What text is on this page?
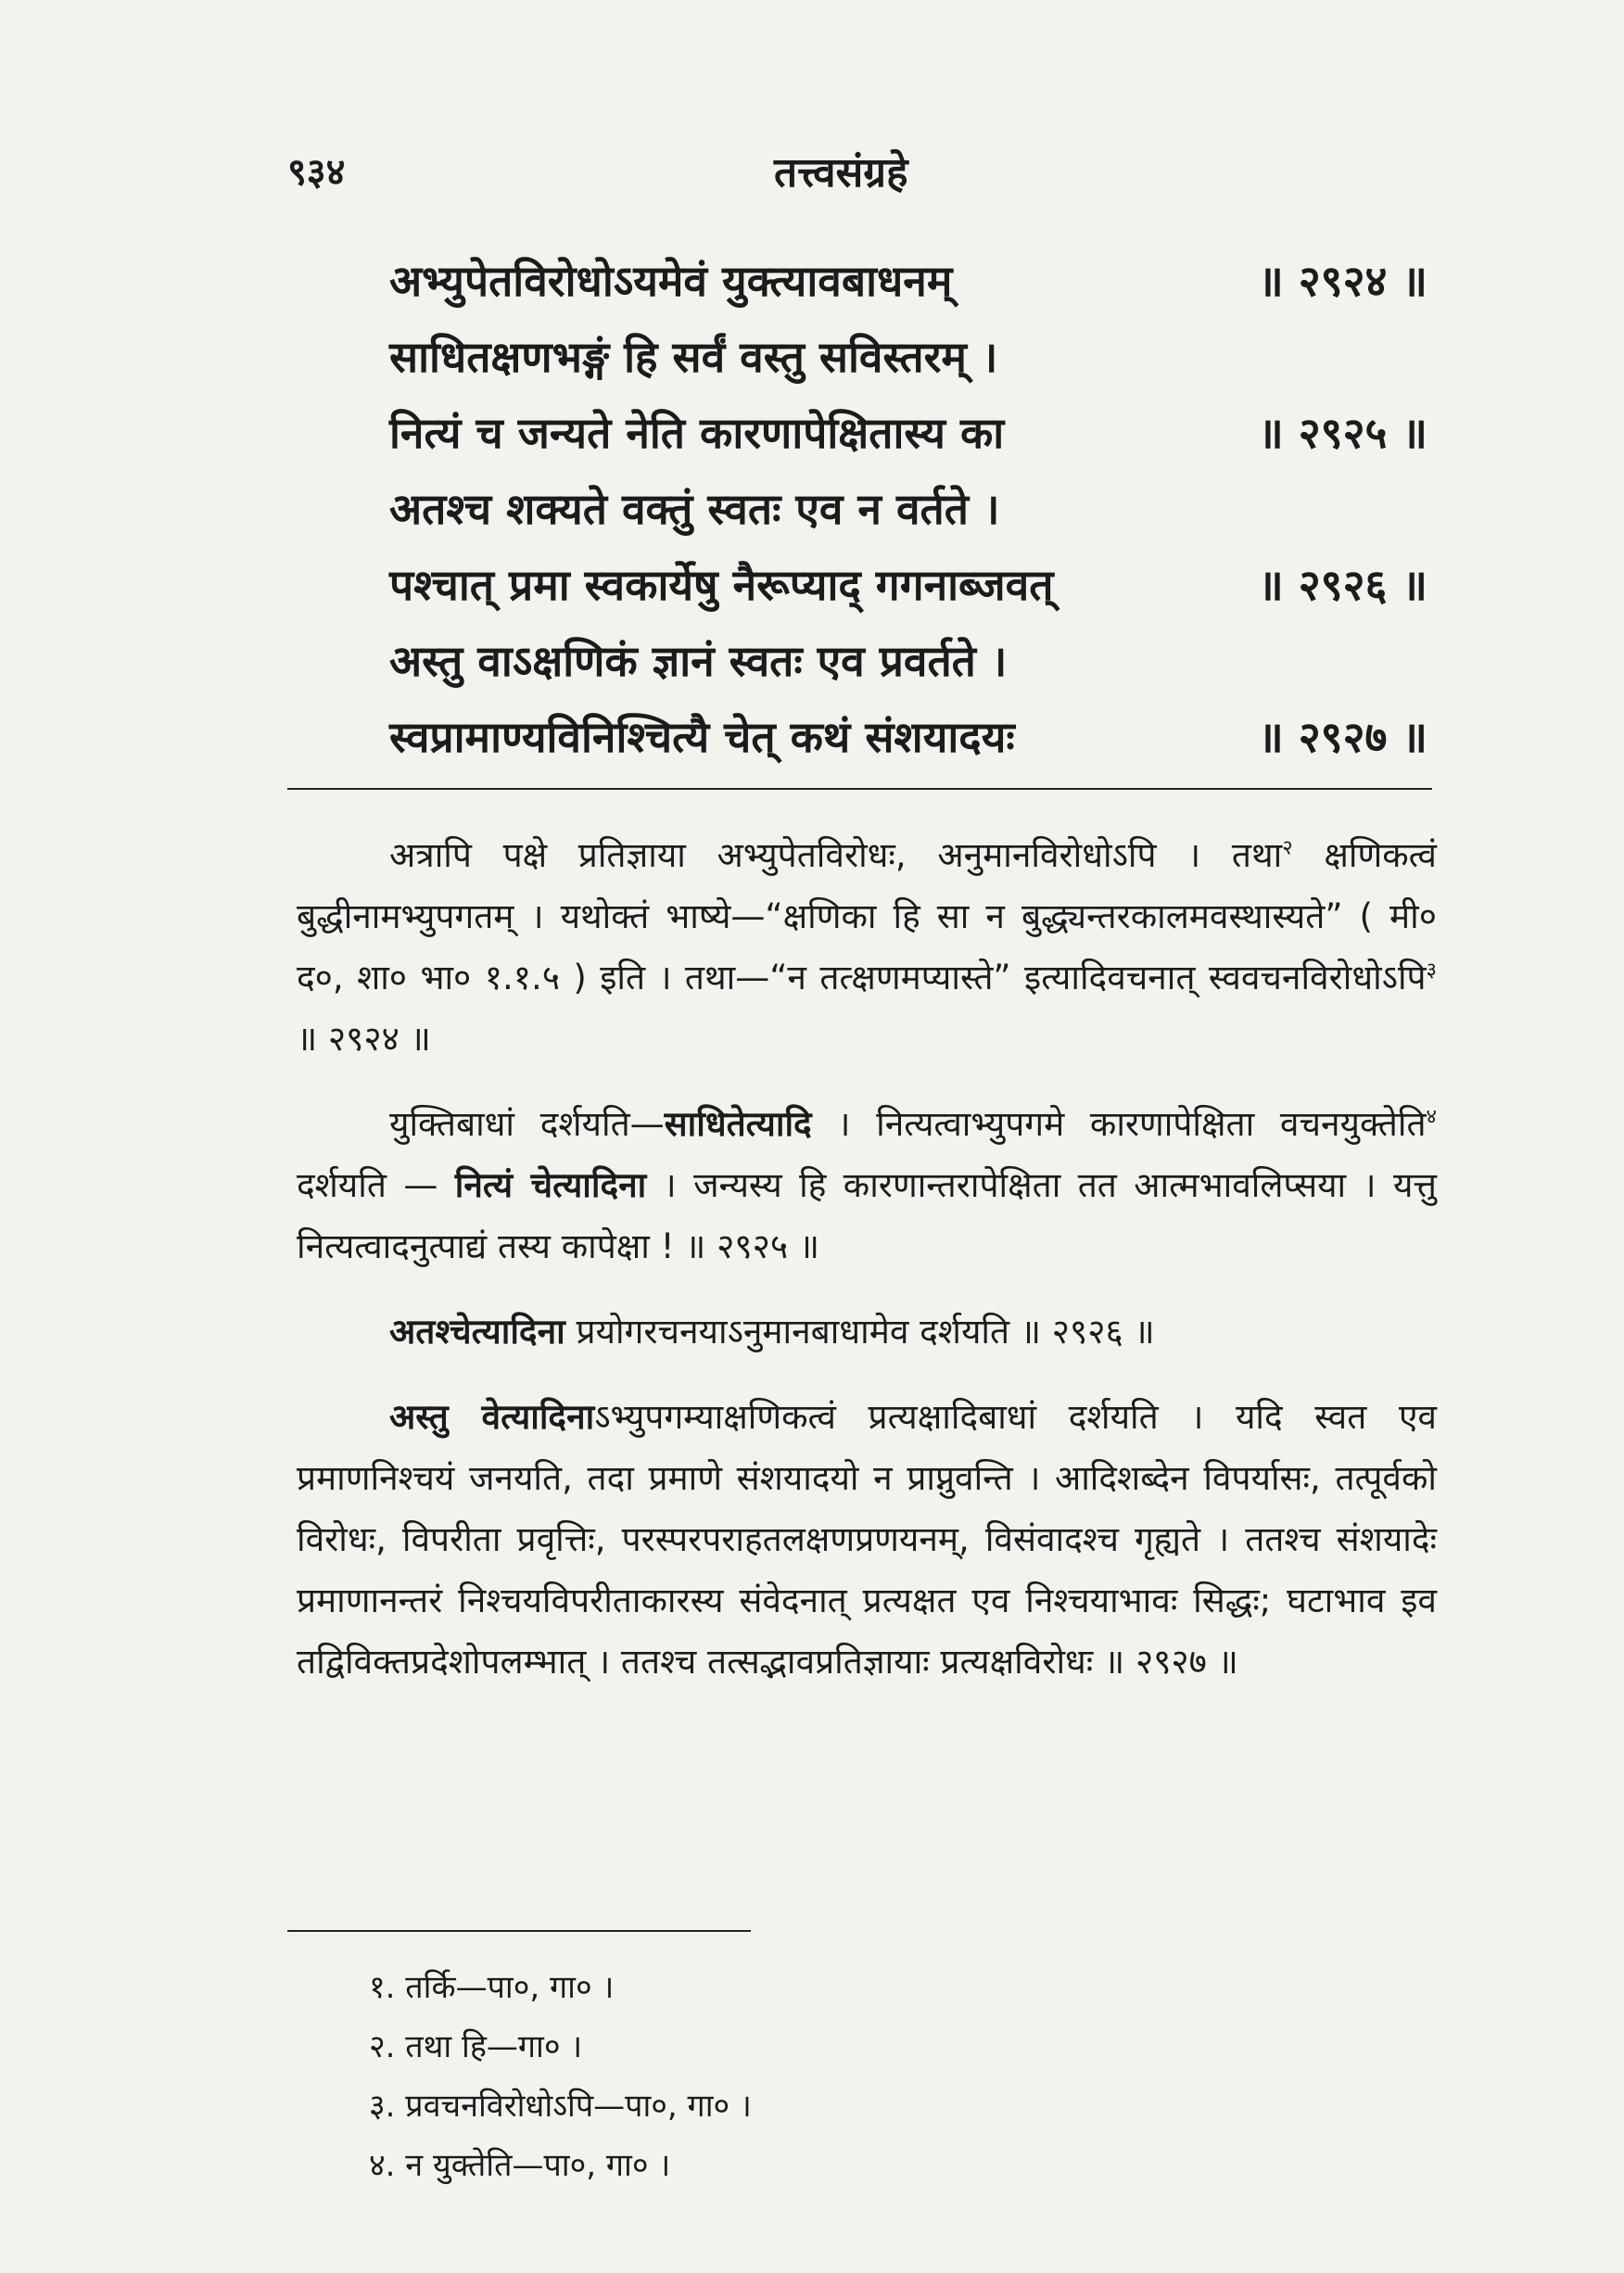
९३४	तत्त्वसंग्रहे
अभ्युपेतविरोधोऽयमेवं युक्त्यावबाधनम्	॥ २९२४ ॥
साधितक्षणभङ्गं हि सर्वं वस्तु सविस्तरम् ।
नित्यं च जन्यते नेति कारणापेक्षितास्य का	॥ २९२५ ॥
अतश्च शक्यते वक्तुं स्वतः एव न वर्तते ।
पश्चात् प्रमा स्वकार्येषु नैरूप्याद् गगनाब्जवत्	॥ २९२६ ॥
अस्तु वाऽक्षणिकं ज्ञानं स्वतः एव प्रवर्तते ।
स्वप्रामाण्यविनिश्चित्यै चेत् कथं संशयादयः	॥ २९२७ ॥

अत्रापि पक्षे प्रतिज्ञाया अभ्युपेतविरोधः, अनुमानविरोधोऽपि । तथा$^२$ क्षणिकत्वं बुद्धीनामभ्युपगतम् । यथोक्तं भाष्ये—“क्षणिका हि सा न बुद्ध्यन्तरकालमवस्थास्यते” ( मी० द०, शा० भा० १.१.५ ) इति । तथा—“न तत्क्षणमप्यास्ते” इत्यादिवचनात् स्ववचनविरोधोऽपि$^३$ ॥ २९२४ ॥

युक्तिबाधां दर्शयति—साधितेत्यादि । नित्यत्वाभ्युपगमे कारणापेक्षिता वचनयुक्तेति$^४$ दर्शयति — नित्यं चेत्यादिना । जन्यस्य हि कारणान्तरापेक्षिता तत आत्मभावलिप्सया । यत्तु नित्यत्वादनुत्पाद्यं तस्य कापेक्षा ! ॥ २९२५ ॥

अतश्चेत्यादिना प्रयोगरचनयाऽनुमानबाधामेव दर्शयति ॥ २९२६ ॥

अस्तु वेत्यादिनाऽभ्युपगम्याक्षणिकत्वं प्रत्यक्षादिबाधां दर्शयति । यदि स्वत एव प्रमाणनिश्चयं जनयति, तदा प्रमाणे संशयादयो न प्राप्नुवन्ति । आदिशब्देन विपर्यासः, तत्पूर्वको विरोधः, विपरीता प्रवृत्तिः, परस्परपराहतलक्षणप्रणयनम्, विसंवादश्च गृह्यते । ततश्च संशयादेः प्रमाणानन्तरं निश्चयविपरीताकारस्य संवेदनात् प्रत्यक्षत एव निश्चयाभावः सिद्धः; घटाभाव इव तद्विविक्तप्रदेशोपलम्भात् । ततश्च तत्सद्भावप्रतिज्ञायाः प्रत्यक्षविरोधः ॥ २९२७ ॥

१. तर्कि—पा०, गा० ।
२. तथा हि—गा० ।
३. प्रवचनविरोधोऽपि—पा०, गा० ।
४. न युक्तेति—पा०, गा० ।
